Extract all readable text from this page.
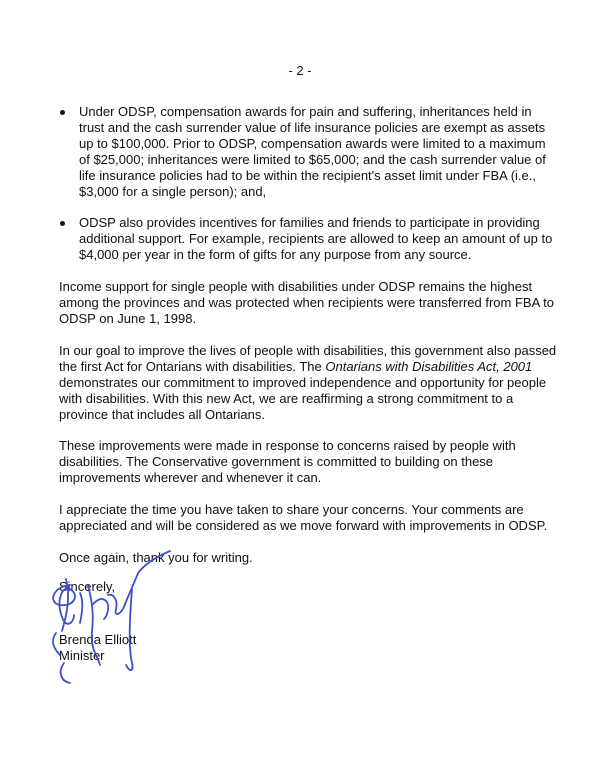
- 2 -
Under ODSP, compensation awards for pain and suffering, inheritances held in trust and the cash surrender value of life insurance policies are exempt as assets up to $100,000. Prior to ODSP, compensation awards were limited to a maximum of $25,000; inheritances were limited to $65,000; and the cash surrender value of life insurance policies had to be within the recipient's asset limit under FBA (i.e., $3,000 for a single person); and,
ODSP also provides incentives for families and friends to participate in providing additional support. For example, recipients are allowed to keep an amount of up to $4,000 per year in the form of gifts for any purpose from any source.

Income support for single people with disabilities under ODSP remains the highest among the provinces and was protected when recipients were transferred from FBA to ODSP on June 1, 1998.

In our goal to improve the lives of people with disabilities, this government also passed the first Act for Ontarians with disabilities. The Ontarians with Disabilities Act, 2001 demonstrates our commitment to improved independence and opportunity for people with disabilities. With this new Act, we are reaffirming a strong commitment to a province that includes all Ontarians.

These improvements were made in response to concerns raised by people with disabilities. The Conservative government is committed to building on these improvements wherever and whenever it can.

I appreciate the time you have taken to share your concerns. Your comments are appreciated and will be considered as we move forward with improvements in ODSP.

Once again, thank you for writing.

Sincerely,

Brenda Elliott
Minister
